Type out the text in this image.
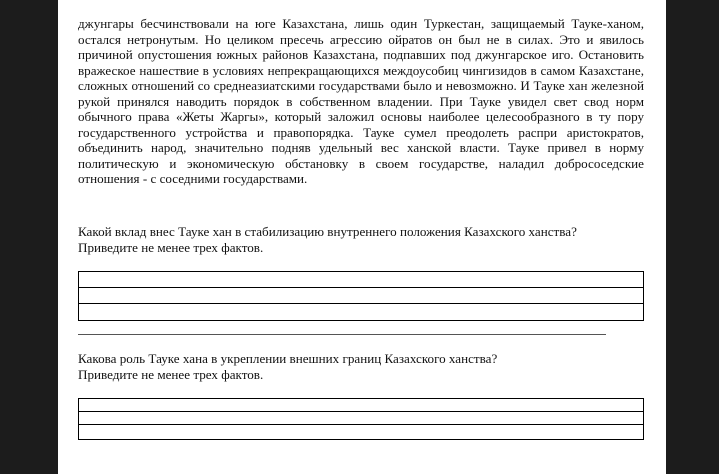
джунгары бесчинствовали на юге Казахстана, лишь один Туркестан, защищаемый Тауке-ханом, остался нетронутым. Но целиком пресечь агрессию ойратов он был не в силах. Это и явилось причиной опустошения южных районов Казахстана, подпавших под джунгарское иго. Остановить вражеское нашествие в условиях непрекращающихся междоусобиц чингизидов в самом Казахстане, сложных отношений со среднеазиатскими государствами было и невозможно. И Тауке хан железной рукой принялся наводить порядок в собственном владении. При Тауке увидел свет свод норм обычного права «Жеты Жаргы», который заложил основы наиболее целесообразного в ту пору государственного устройства и правопорядка. Тауке сумел преодолеть распри аристократов, объединить народ, значительно подняв удельный вес ханской власти. Тауке привел в норму политическую и экономическую обстановку в своем государстве, наладил добрососедские отношения - с соседними государствами.

Какой вклад внес Тауке хан в стабилизацию внутреннего положения Казахского ханства?
Приведите не менее трех фактов.

Какова роль Тауке хана в укреплении внешних границ Казахского ханства?
Приведите не менее трех фактов.
